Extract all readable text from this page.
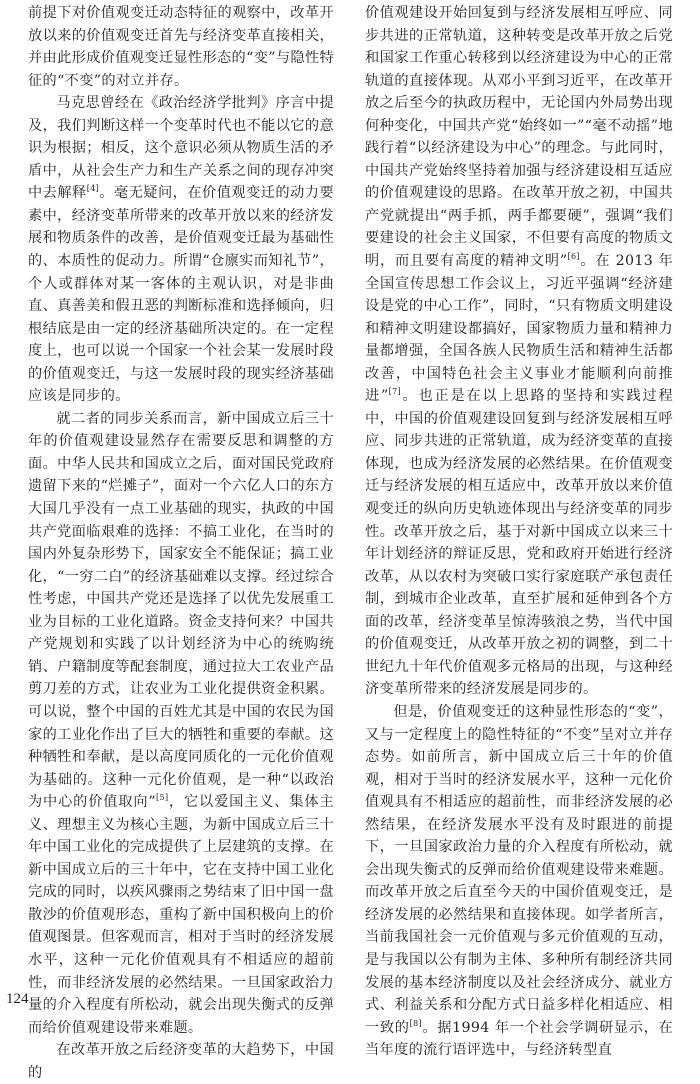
前提下对价值观变迁动态特征的观察中，改革开放以来的价值观变迁首先与经济变革直接相关，并由此形成价值观变迁显性形态的“变”与隐性特征的“不变”的对立并存。

马克思曾经在《政治经济学批判》序言中提及，我们判断这样一个变革时代也不能以它的意识为根据；相反，这个意识必须从物质生活的矛盾中，从社会生产力和生产关系之间的现存冲突中去解释[4]。毫无疑问，在价值观变迁的动力要素中，经济变革所带来的改革开放以来的经济发展和物质条件的改善，是价值观变迁最为基础性的、本质性的促动力。所谓“仓廪实而知礼节”，个人或群体对某一客体的主观认识，对是非曲直、真善美和假丑恶的判断标准和选择倾向，归根结底是由一定的经济基础所决定的。在一定程度上，也可以说一个国家一个社会某一发展时段的价值观变迁，与这一发展时段的现实经济基础应该是同步的。

就二者的同步关系而言，新中国成立后三十年的价值观建设显然存在需要反思和调整的方面。中华人民共和国成立之后，面对国民党政府遗留下来的“烂摊子”，面对一个六亿人口的东方大国几乎没有一点工业基础的现实，执政的中国共产党面临艰难的选择：不搞工业化，在当时的国内外复杂形势下，国家安全不能保证；搞工业化，“一穷二白”的经济基础难以支撑。经过综合性考虑，中国共产党还是选择了以优先发展重工业为目标的工业化道路。资金支持何来？中国共产党规划和实践了以计划经济为中心的统购统销、户籍制度等配套制度，通过拉大工农业产品剪刀差的方式，让农业为工业化提供资金积累。可以说，整个中国的百姓尤其是中国的农民为国家的工业化作出了巨大的牺牲和重要的奉献。这种牺牲和奉献，是以高度同质化的一元化价值观为基础的。这种一元化价值观，是一种“以政治为中心的价值取向”[5]，它以爱国主义、集体主义、理想主义为核心主题，为新中国成立后三十年中国工业化的完成提供了上层建筑的支撑。在新中国成立后的三十年中，它在支持中国工业化完成的同时，以疾风骤雨之势结束了旧中国一盘散沙的价值观形态，重构了新中国积极向上的价值观图景。但客观而言，相对于当时的经济发展水平，这种一元化价值观具有不相适应的超前性，而非经济发展的必然结果。一旦国家政治力量的介入程度有所松动，就会出现失衡式的反弹而给价值观建设带来难题。

在改革开放之后经济变革的大趋势下，中国的

价值观建设开始回复到与经济发展相互呼应、同步共进的正常轨道，这种转变是改革开放之后党和国家工作重心转移到以经济建设为中心的正常轨道的直接体现。从邓小平到习近平，在改革开放之后至今的执政历程中，无论国内外局势出现何种变化，中国共产党“始终如一”“毫不动摇”地践行着“以经济建设为中心”的理念。与此同时，中国共产党始终坚持着加强与经济建设相互适应的价值观建设的思路。在改革开放之初，中国共产党就提出“两手抓，两手都要硬”，强调“我们要建设的社会主义国家，不但要有高度的物质文明，而且要有高度的精神文明”[6]。在 2013 年全国宣传思想工作会议上，习近平强调“经济建设是党的中心工作”，同时，“只有物质文明建设和精神文明建设都搞好，国家物质力量和精神力量都增强，全国各族人民物质生活和精神生活都改善，中国特色社会主义事业才能顺利向前推进”[7]。也正是在以上思路的坚持和实践过程中，中国的价值观建设回复到与经济发展相互呼应、同步共进的正常轨道，成为经济变革的直接体现，也成为经济发展的必然结果。在价值观变迁与经济发展的相互适应中，改革开放以来价值观变迁的纵向历史轨迹体现出与经济变革的同步性。改革开放之后，基于对新中国成立以来三十年计划经济的辩证反思，党和政府开始进行经济改革，从以农村为突破口实行家庭联产承包责任制，到城市企业改革，直至扩展和延伸到各个方面的改革，经济变革呈惊涛骇浪之势，当代中国的价值观变迁，从改革开放之初的调整，到二十世纪九十年代价值观多元格局的出现，与这种经济变革所带来的经济发展是同步的。

但是，价值观变迁的这种显性形态的“变”，又与一定程度上的隐性特征的“不变”呈对立并存态势。如前所言，新中国成立后三十年的价值观，相对于当时的经济发展水平，这种一元化价值观具有不相适应的超前性，而非经济发展的必然结果，在经济发展水平没有及时跟进的前提下，一旦国家政治力量的介入程度有所松动，就会出现失衡式的反弹而给价值观建设带来难题。而改革开放之后直至今天的中国价值观变迁，是经济发展的必然结果和直接体现。如学者所言，当前我国社会一元价值观与多元价值观的互动，是与我国以公有制为主体、多种所有制经济共同发展的基本经济制度以及社会经济成分、就业方式、利益关系和分配方式日益多样化相适应、相一致的[8]。据1994 年一个社会学调研显示，在当年度的流行语评选中，与经济转型直

124
